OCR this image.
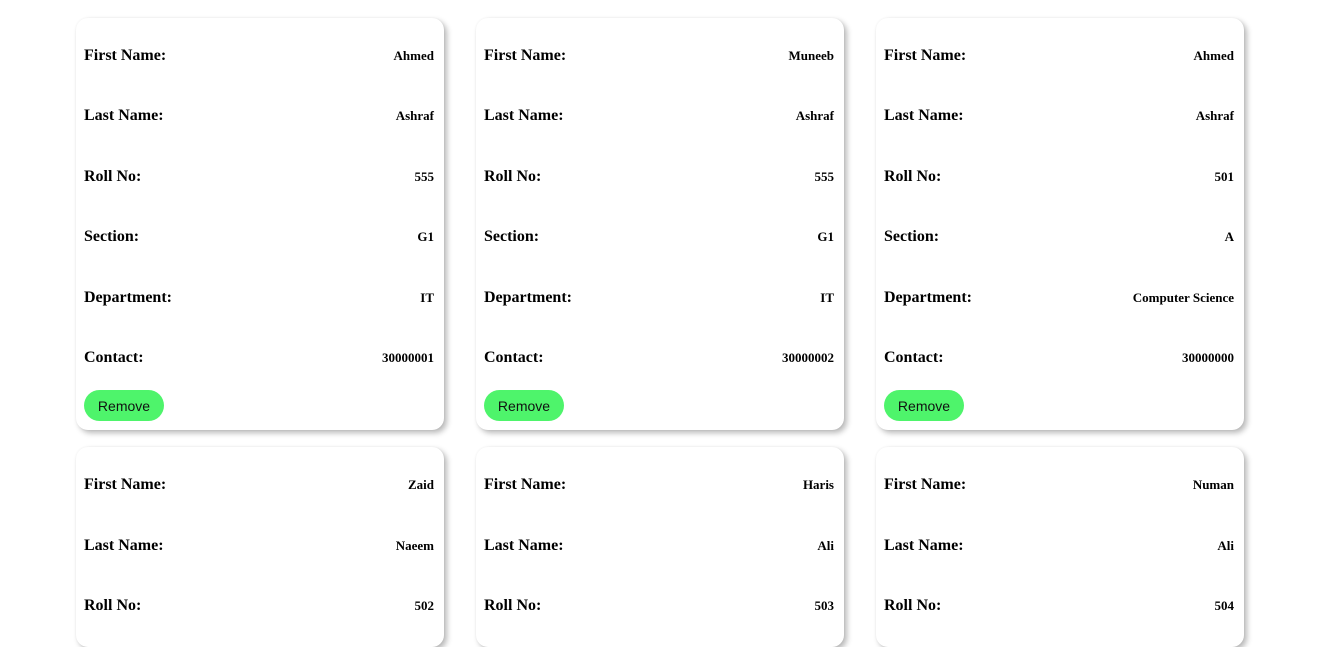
First Name:	Ahmed
Last Name:	Ashraf
Roll No:	555
Section:	G1
Department:	IT
Contact:	30000001
Remove
First Name:	Muneeb
Last Name:	Ashraf
Roll No:	555
Section:	G1
Department:	IT
Contact:	30000002
Remove
First Name:	Ahmed
Last Name:	Ashraf
Roll No:	501
Section:	A
Department:	Computer Science
Contact:	30000000
Remove
First Name:	Zaid
Last Name:	Naeem
Roll No:	502
First Name:	Haris
Last Name:	Ali
Roll No:	503
First Name:	Numan
Last Name:	Ali
Roll No:	504
